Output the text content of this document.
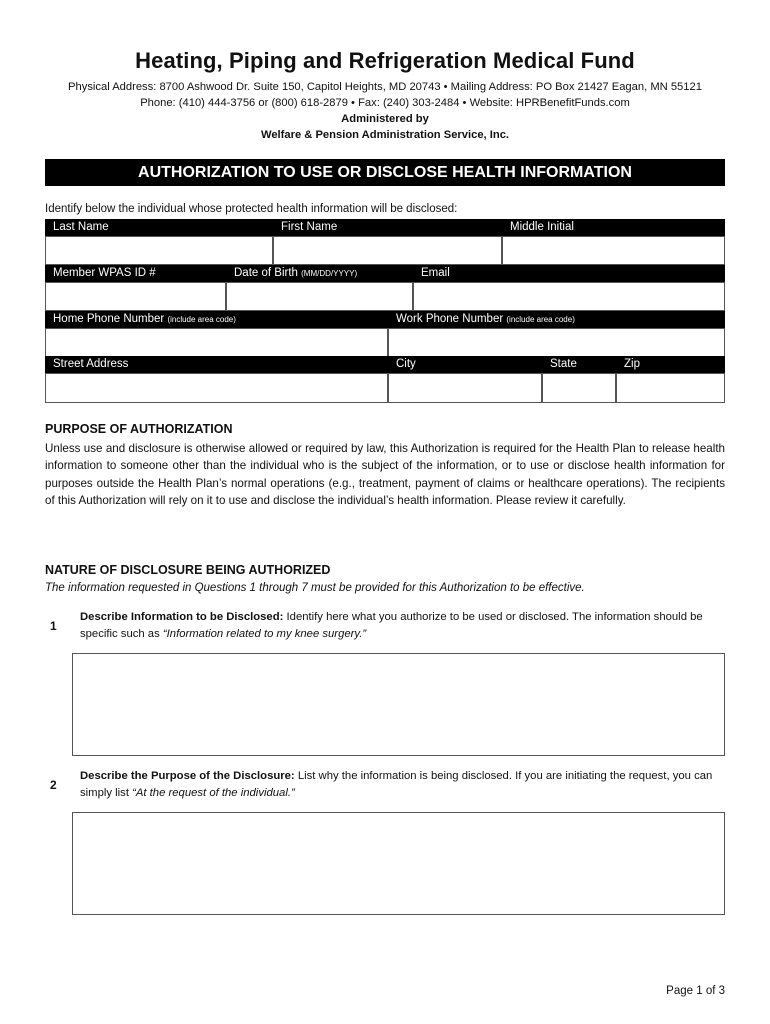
Heating, Piping and Refrigeration Medical Fund
Physical Address: 8700 Ashwood Dr. Suite 150, Capitol Heights, MD 20743 • Mailing Address: PO Box 21427 Eagan, MN 55121
Phone: (410) 444-3756 or (800) 618-2879 • Fax: (240) 303-2484 • Website: HPRBenefitFunds.com
Administered by
Welfare & Pension Administration Service, Inc.
AUTHORIZATION TO USE OR DISCLOSE HEALTH INFORMATION
Identify below the individual whose protected health information will be disclosed:
Last Name	First Name	Middle Initial
Member WPAS ID #	Date of Birth (MM/DD/YYYY)	Email
Home Phone Number (include area code)	Work Phone Number (include area code)
Street Address	City	State	Zip
PURPOSE OF AUTHORIZATION
Unless use and disclosure is otherwise allowed or required by law, this Authorization is required for the Health Plan to release health information to someone other than the individual who is the subject of the information, or to use or disclose health information for purposes outside the Health Plan’s normal operations (e.g., treatment, payment of claims or healthcare operations). The recipients of this Authorization will rely on it to use and disclose the individual’s health information. Please review it carefully.
NATURE OF DISCLOSURE BEING AUTHORIZED
The information requested in Questions 1 through 7 must be provided for this Authorization to be effective.
1
Describe Information to be Disclosed: Identify here what you authorize to be used or disclosed. The information should be specific such as “Information related to my knee surgery.”
2
Describe the Purpose of the Disclosure: List why the information is being disclosed. If you are initiating the request, you can simply list “At the request of the individual.”
Page 1 of 3
